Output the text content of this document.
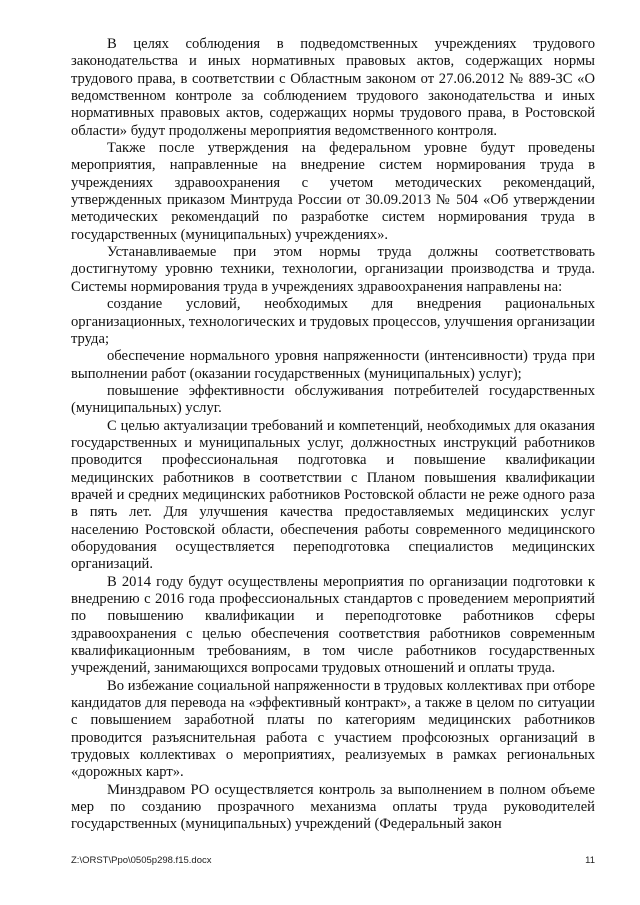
В целях соблюдения в подведомственных учреждениях трудового законодательства и иных нормативных правовых актов, содержащих нормы трудового права, в соответствии с Областным законом от 27.06.2012 № 889-ЗС «О ведомственном контроле за соблюдением трудового законодательства и иных нормативных правовых актов, содержащих нормы трудового права, в Ростовской области» будут продолжены мероприятия ведомственного контроля.

Также после утверждения на федеральном уровне будут проведены мероприятия, направленные на внедрение систем нормирования труда в учреждениях здравоохранения с учетом методических рекомендаций, утвержденных приказом Минтруда России от 30.09.2013 № 504 «Об утверждении методических рекомендаций по разработке систем нормирования труда в государственных (муниципальных) учреждениях».

Устанавливаемые при этом нормы труда должны соответствовать достигнутому уровню техники, технологии, организации производства и труда. Системы нормирования труда в учреждениях здравоохранения направлены на:

создание условий, необходимых для внедрения рациональных организационных, технологических и трудовых процессов, улучшения организации труда;

обеспечение нормального уровня напряженности (интенсивности) труда при выполнении работ (оказании государственных (муниципальных) услуг);

повышение эффективности обслуживания потребителей государственных (муниципальных) услуг.

С целью актуализации требований и компетенций, необходимых для оказания государственных и муниципальных услуг, должностных инструкций работников проводится профессиональная подготовка и повышение квалификации медицинских работников в соответствии с Планом повышения квалификации врачей и средних медицинских работников Ростовской области не реже одного раза в пять лет. Для улучшения качества предоставляемых медицинских услуг населению Ростовской области, обеспечения работы современного медицинского оборудования осуществляется переподготовка специалистов медицинских организаций.

В 2014 году будут осуществлены мероприятия по организации подготовки к внедрению с 2016 года профессиональных стандартов с проведением мероприятий по повышению квалификации и переподготовке работников сферы здравоохранения с целью обеспечения соответствия работников современным квалификационным требованиям, в том числе работников государственных учреждений, занимающихся вопросами трудовых отношений и оплаты труда.

Во избежание социальной напряженности в трудовых коллективах при отборе кандидатов для перевода на «эффективный контракт», а также в целом по ситуации с повышением заработной платы по категориям медицинских работников проводится разъяснительная работа с участием профсоюзных организаций в трудовых коллективах о мероприятиях, реализуемых в рамках региональных «дорожных карт».

Минздравом РО осуществляется контроль за выполнением в полном объеме мер по созданию прозрачного механизма оплаты труда руководителей государственных (муниципальных) учреждений (Федеральный закон

Z:\ORST\Ppo\0505p298.f15.docx	11
